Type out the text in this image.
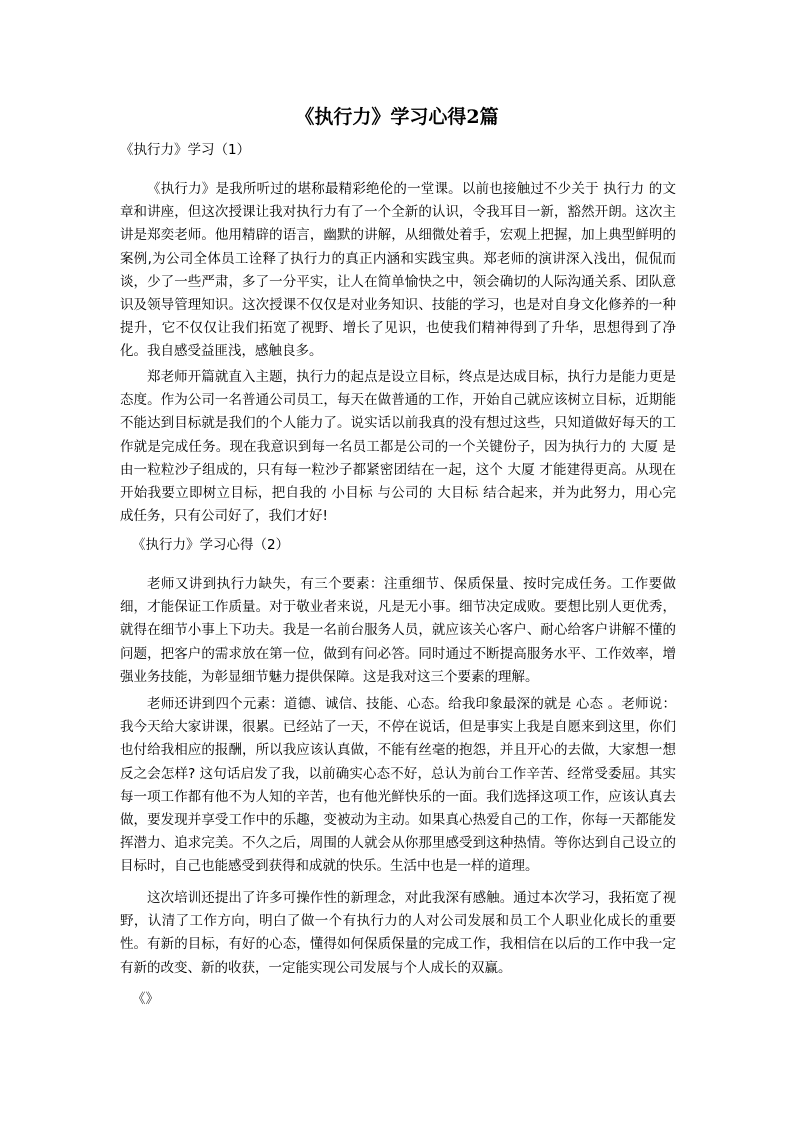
《执行力》学习心得2篇

《执行力》学习（1）

《执行力》是我所听过的堪称最精彩绝伦的一堂课。以前也接触过不少关于 执行力 的文章和讲座，但这次授课让我对执行力有了一个全新的认识，令我耳目一新，豁然开朗。这次主讲是郑奕老师。他用精辟的语言，幽默的讲解，从细微处着手，宏观上把握，加上典型鲜明的案例,为公司全体员工诠释了执行力的真正内涵和实践宝典。郑老师的演讲深入浅出，侃侃而谈，少了一些严肃，多了一分平实，让人在简单愉快之中，领会确切的人际沟通关系、团队意识及领导管理知识。这次授课不仅仅是对业务知识、技能的学习，也是对自身文化修养的一种提升，它不仅仅让我们拓宽了视野、增长了见识，也使我们精神得到了升华，思想得到了净化。我自感受益匪浅，感触良多。

郑老师开篇就直入主题，执行力的起点是设立目标，终点是达成目标，执行力是能力更是态度。作为公司一名普通公司员工，每天在做普通的工作，开始自己就应该树立目标，近期能不能达到目标就是我们的个人能力了。说实话以前我真的没有想过这些，只知道做好每天的工作就是完成任务。现在我意识到每一名员工都是公司的一个关键份子，因为执行力的 大厦 是由一粒粒沙子组成的，只有每一粒沙子都紧密团结在一起，这个 大厦 才能建得更高。从现在开始我要立即树立目标，把自我的 小目标 与公司的 大目标 结合起来，并为此努力，用心完成任务，只有公司好了，我们才好!

《执行力》学习心得（2）

老师又讲到执行力缺失，有三个要素：注重细节、保质保量、按时完成任务。工作要做细，才能保证工作质量。对于敬业者来说，凡是无小事。细节决定成败。要想比别人更优秀，就得在细节小事上下功夫。我是一名前台服务人员，就应该关心客户、耐心给客户讲解不懂的问题，把客户的需求放在第一位，做到有问必答。同时通过不断提高服务水平、工作效率，增强业务技能，为彰显细节魅力提供保障。这是我对这三个要素的理解。

老师还讲到四个元素：道德、诚信、技能、心态。给我印象最深的就是 心态 。老师说：我今天给大家讲课，很累。已经站了一天，不停在说话，但是事实上我是自愿来到这里，你们也付给我相应的报酬，所以我应该认真做，不能有丝毫的抱怨，并且开心的去做，大家想一想反之会怎样? 这句话启发了我，以前确实心态不好，总认为前台工作辛苦、经常受委屈。其实每一项工作都有他不为人知的辛苦，也有他光鲜快乐的一面。我们选择这项工作，应该认真去做，要发现并享受工作中的乐趣，变被动为主动。如果真心热爱自己的工作，你每一天都能发挥潜力、追求完美。不久之后，周围的人就会从你那里感受到这种热情。等你达到自己设立的目标时，自己也能感受到获得和成就的快乐。生活中也是一样的道理。

这次培训还提出了许多可操作性的新理念，对此我深有感触。通过本次学习，我拓宽了视野，认清了工作方向，明白了做一个有执行力的人对公司发展和员工个人职业化成长的重要性。有新的目标，有好的心态，懂得如何保质保量的完成工作，我相信在以后的工作中我一定有新的改变、新的收获，一定能实现公司发展与个人成长的双赢。

《》
